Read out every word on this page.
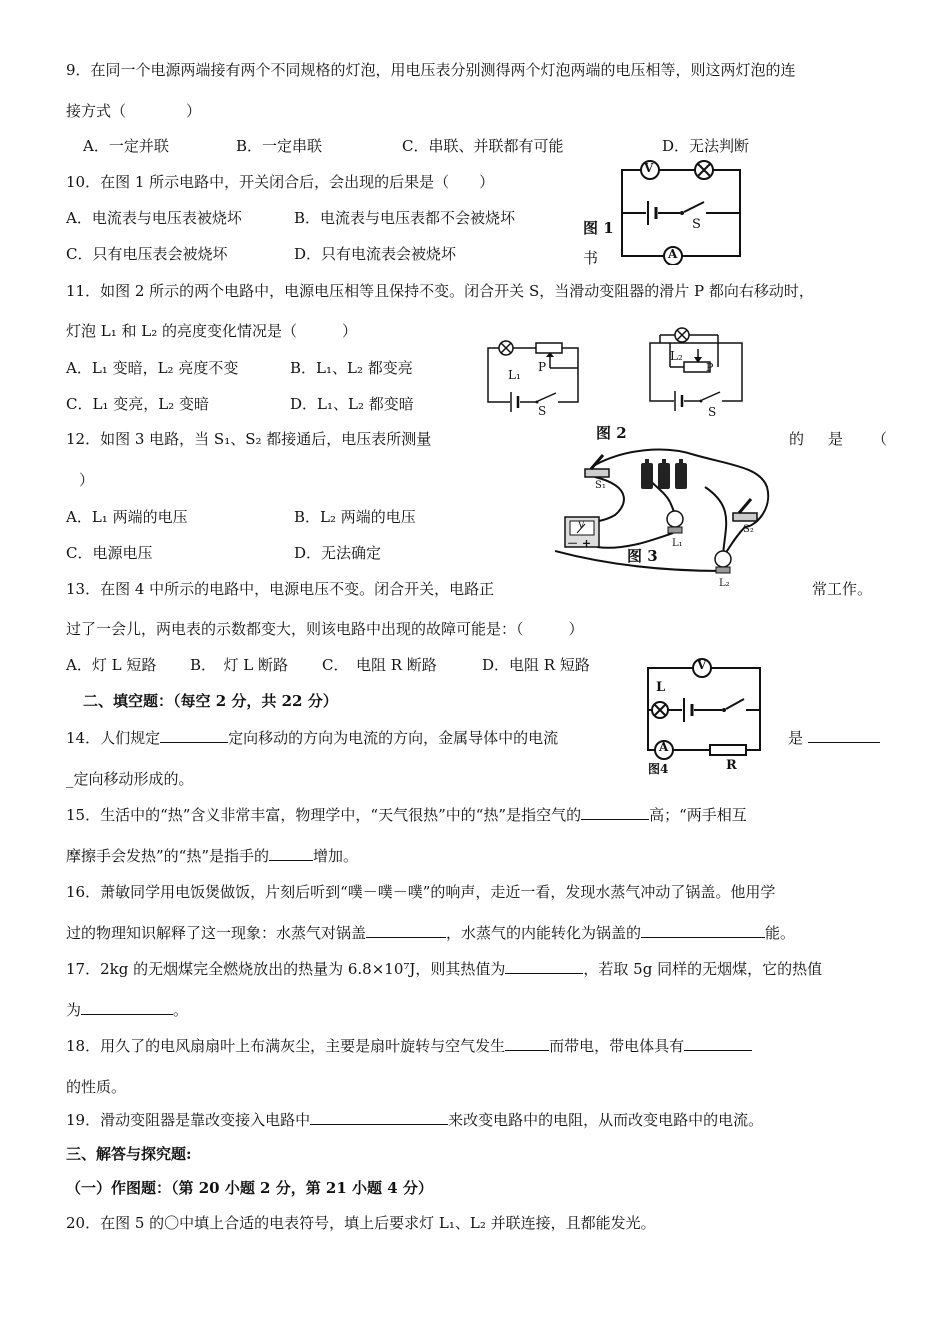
9．在同一个电源两端接有两个不同规格的灯泡，用电压表分别测得两个灯泡两端的电压相等，则这两灯泡的连
接方式（　　　　）
A．一定并联	B．一定串联	C．串联、并联都有可能	D．无法判断
10．在图 1 所示电路中，开关闭合后，会出现的后果是（　　）
A．电流表与电压表被烧坏	B．电流表与电压表都不会被烧坏
C．只有电压表会被烧坏	D．只有电流表会被烧坏
V
A
S
图 1
书
11．如图 2 所示的两个电路中，电源电压相等且保持不变。闭合开关 S，当滑动变阻器的滑片 P 都向右移动时，
灯泡 L₁ 和 L₂ 的亮度变化情况是（　　　）
A．L₁ 变暗，L₂ 亮度不变	B．L₁、L₂ 都变亮
C．L₁ 变亮，L₂ 变暗	D．L₁、L₂ 都变暗
L₁
P
S
L₂
P
S
图 2
12．如图 3 电路，当 S₁、S₂ 都接通后，电压表所测量	的 是 （
）
A．L₁ 两端的电压	B．L₂ 两端的电压
C．电源电压	D．无法确定
S₁
S₂
L₁
L₂
V
－ +
图 3
13．在图 4 中所示的电路中，电源电压不变。闭合开关，电路正	常工作。
过了一会儿，两电表的示数都变大，则该电路中出现的故障可能是：（　　　）
A．灯 L 短路 B．　灯 L 断路 C．　电阻 R 断路	D．电阻 R 短路	V
L
A
R
图4
二、填空题：（每空 2 分，共 22 分）
14．人们规定	定向移动的方向为电流的方向，金属导体中的电流	是
_定向移动形成的。
15．生活中的“热”含义非常丰富，物理学中，“天气很热”中的“热”是指空气的	高；“两手相互
摩擦手会发热”的“热”是指手的	增加。
16．萧敏同学用电饭煲做饭，片刻后听到“噗－噗－噗”的响声，走近一看，发现水蒸气冲动了锅盖。他用学
过的物理知识解释了这一现象：水蒸气对锅盖	，水蒸气的内能转化为锅盖的	能。
17．2kg 的无烟煤完全燃烧放出的热量为 6.8×10⁷J，则其热值为	，若取 5g 同样的无烟煤，它的热值
为	。
18．用久了的电风扇扇叶上布满灰尘，主要是扇叶旋转与空气发生	而带电，带电体具有
的性质。
19．滑动变阻器是靠改变接入电路中	来改变电路中的电阻，从而改变电路中的电流。
三、解答与探究题:
（一）作图题：（第 20 小题 2 分，第 21 小题 4 分）
20．在图 5 的〇中填上合适的电表符号，填上后要求灯 L₁、L₂ 并联连接，且都能发光。
